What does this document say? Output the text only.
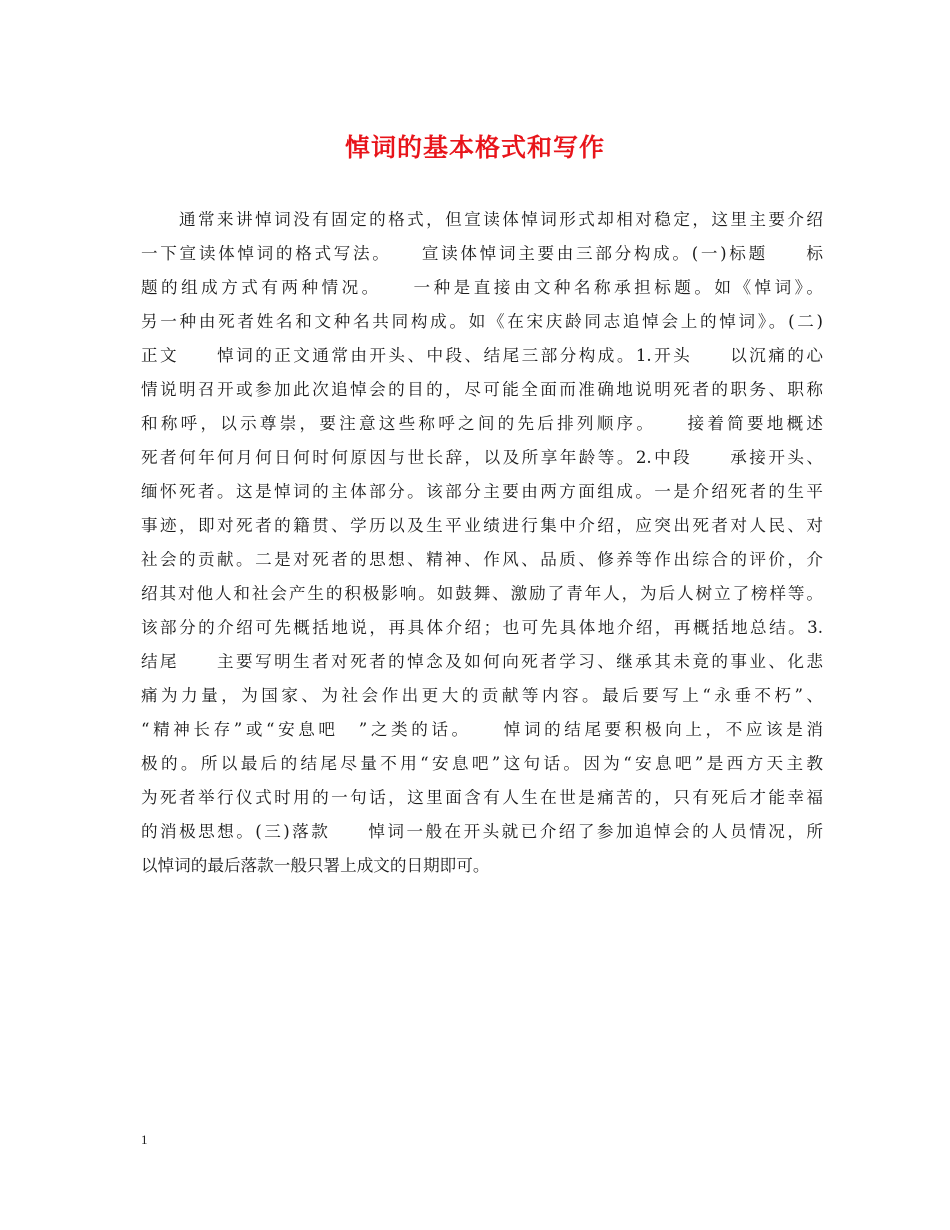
悼词的基本格式和写作
　　通常来讲悼词没有固定的格式，但宣读体悼词形式却相对稳定，这里主要介绍
一下宣读体悼词的格式写法。　　宣读体悼词主要由三部分构成。(一)标题　　标
题的组成方式有两种情况。　　一种是直接由文种名称承担标题。如《悼词》。
另一种由死者姓名和文种名共同构成。如《在宋庆龄同志追悼会上的悼词》。(二)
正文　　悼词的正文通常由开头、中段、结尾三部分构成。1.开头　　以沉痛的心
情说明召开或参加此次追悼会的目的，尽可能全面而准确地说明死者的职务、职称
和称呼，以示尊崇，要注意这些称呼之间的先后排列顺序。　　接着简要地概述
死者何年何月何日何时何原因与世长辞，以及所享年龄等。2.中段　　承接开头、
缅怀死者。这是悼词的主体部分。该部分主要由两方面组成。一是介绍死者的生平
事迹，即对死者的籍贯、学历以及生平业绩进行集中介绍，应突出死者对人民、对
社会的贡献。二是对死者的思想、精神、作风、品质、修养等作出综合的评价，介
绍其对他人和社会产生的积极影响。如鼓舞、激励了青年人，为后人树立了榜样等。
该部分的介绍可先概括地说，再具体介绍；也可先具体地介绍，再概括地总结。3.
结尾　　主要写明生者对死者的悼念及如何向死者学习、继承其未竟的事业、化悲
痛为力量，为国家、为社会作出更大的贡献等内容。最后要写上“永垂不朽”、
“精神长存”或“安息吧　”之类的话。　　悼词的结尾要积极向上，不应该是消
极的。所以最后的结尾尽量不用“安息吧”这句话。因为“安息吧”是西方天主教
为死者举行仪式时用的一句话，这里面含有人生在世是痛苦的，只有死后才能幸福
的消极思想。(三)落款　　悼词一般在开头就已介绍了参加追悼会的人员情况，所
以悼词的最后落款一般只署上成文的日期即可。
1
